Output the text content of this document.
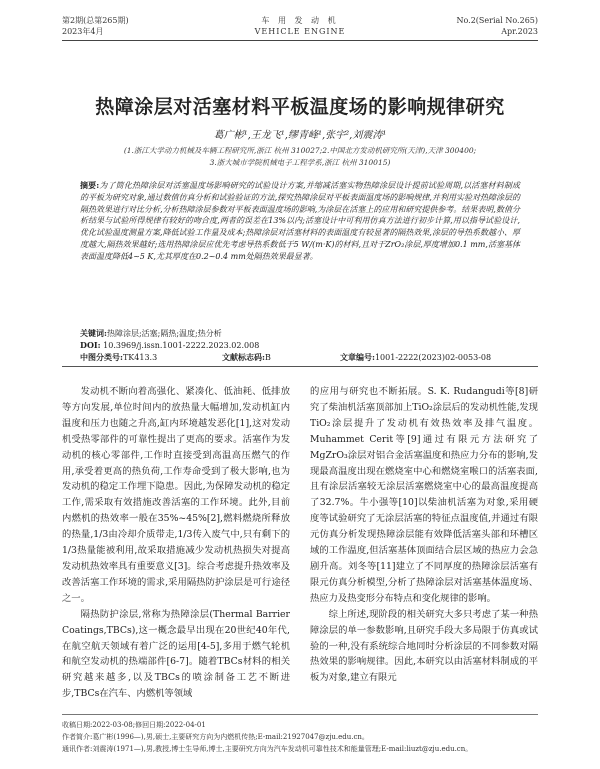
第2期(总第265期)
2023年4月
车 用 发 动 机
VEHICLE ENGINE
No.2(Serial No.265)
Apr.2023
热障涂层对活塞材料平板温度场的影响规律研究
葛广彬¹,王龙飞¹,缪青峰¹,张宇²,刘震涛¹
(1.浙江大学动力机械及车辆工程研究所,浙江 杭州 310027;2.中国北方发动机研究所(天津),天津 300400;
3.浙大城市学院机械电子工程学系,浙江 杭州 310015)
摘要:为了简化热障涂层对活塞温度场影响研究的试验设计方案,并缩减活塞实物热障涂层设计提前试验周期,以活塞材料制成的平板为研究对象,通过数值仿真分析和试验验证的方法,探究热障涂层对平板表面温度场的影响规律,并利用实验对热障涂层的隔热效果进行对比分析,分析热障涂层参数对平板表面温度场的影响,为涂层在活塞上的应用和研究提供参考。结果表明,数值分析结果与试验所得规律有较好的吻合度,两者的误差在13%以内;活塞设计中可利用仿真方法进行初步计算,用以指导试验设计,优化试验温度测量方案,降低试验工作量及成本;热障涂层对活塞材料的表面温度有较显著的隔热效果,涂层的导热系数越小、厚度越大,隔热效果越好;选用热障涂层应优先考虑导热系数低于5 W/(m·K)的材料,且对于ZrO₂涂层,厚度增加0.1 mm,活塞基体表面温度降低4~5 K,尤其厚度在0.2~0.4 mm处隔热效果最显著。
关键词:热障涂层;活塞;隔热;温度;热分析
DOI: 10.3969/j.issn.1001-2222.2023.02.008
中图分类号:TK413.3	文献标志码:B	文章编号:1001-2222(2023)02-0053-08

发动机不断向着高强化、紧凑化、低油耗、低排放等方向发展,单位时间内的放热量大幅增加,发动机缸内温度和压力也随之升高,缸内环境越发恶化[1],这对发动机受热零部件的可靠性提出了更高的要求。活塞作为发动机的核心零部件,工作时直接受到高温高压燃气的作用,承受着更高的热负荷,工作寿命受到了极大影响,也为发动机的稳定工作埋下隐患。因此,为保障发动机的稳定工作,需采取有效措施改善活塞的工作环境。此外,目前内燃机的热效率一般在35%~45%[2],燃料燃烧所释放的热量,1/3由冷却介质带走,1/3传入废气中,只有剩下的1/3热量能被利用,故采取措施减少发动机热损失对提高发动机热效率具有重要意义[3]。综合考虑提升热效率及改善活塞工作环境的需求,采用隔热防护涂层是可行途径之一。

隔热防护涂层,常称为热障涂层(Thermal Barrier Coatings,TBCs),这一概念最早出现在20世纪40年代,在航空航天领域有着广泛的运用[4-5],多用于燃气轮机和航空发动机的热端部件[6-7]。随着TBCs材料的相关研究越来越多,以及TBCs的喷涂制备工艺不断进步,TBCs在汽车、内燃机等领域

的应用与研究也不断拓展。S. K. Rudangudi等[8]研究了柴油机活塞顶部加上TiO₂涂层后的发动机性能,发现TiO₂涂层提升了发动机有效热效率及排气温度。Muhammet Cerit等[9]通过有限元方法研究了MgZrO₃涂层对铝合金活塞温度和热应力分布的影响,发现最高温度出现在燃烧室中心和燃烧室喉口的活塞表面,且有涂层活塞较无涂层活塞燃烧室中心的最高温度提高了32.7%。牛小强等[10]以柴油机活塞为对象,采用硬度等试验研究了无涂层活塞的特征点温度值,并通过有限元仿真分析发现热障涂层能有效降低活塞头部和环槽区域的工作温度,但活塞基体顶面结合层区域的热应力会急剧升高。刘冬等[11]建立了不同厚度的热障涂层活塞有限元仿真分析模型,分析了热障涂层对活塞基体温度场、热应力及热变形分布特点和变化规律的影响。

综上所述,现阶段的相关研究大多只考虑了某一种热障涂层的单一参数影响,且研究手段大多局限于仿真或试验的一种,没有系统综合地同时分析涂层的不同参数对隔热效果的影响规律。因此,本研究以由活塞材料制成的平板为对象,建立有限元

收稿日期:2022-03-08;修回日期:2022-04-01
作者简介:葛广彬(1996—),男,硕士,主要研究方向为内燃机传热;E-mail:21927047@zju.edu.cn。
通讯作者:刘震涛(1971—),男,教授,博士生导师,博士,主要研究方向为汽车发动机可靠性技术和能量管理;E-mail:liuzt@zju.edu.cn。
